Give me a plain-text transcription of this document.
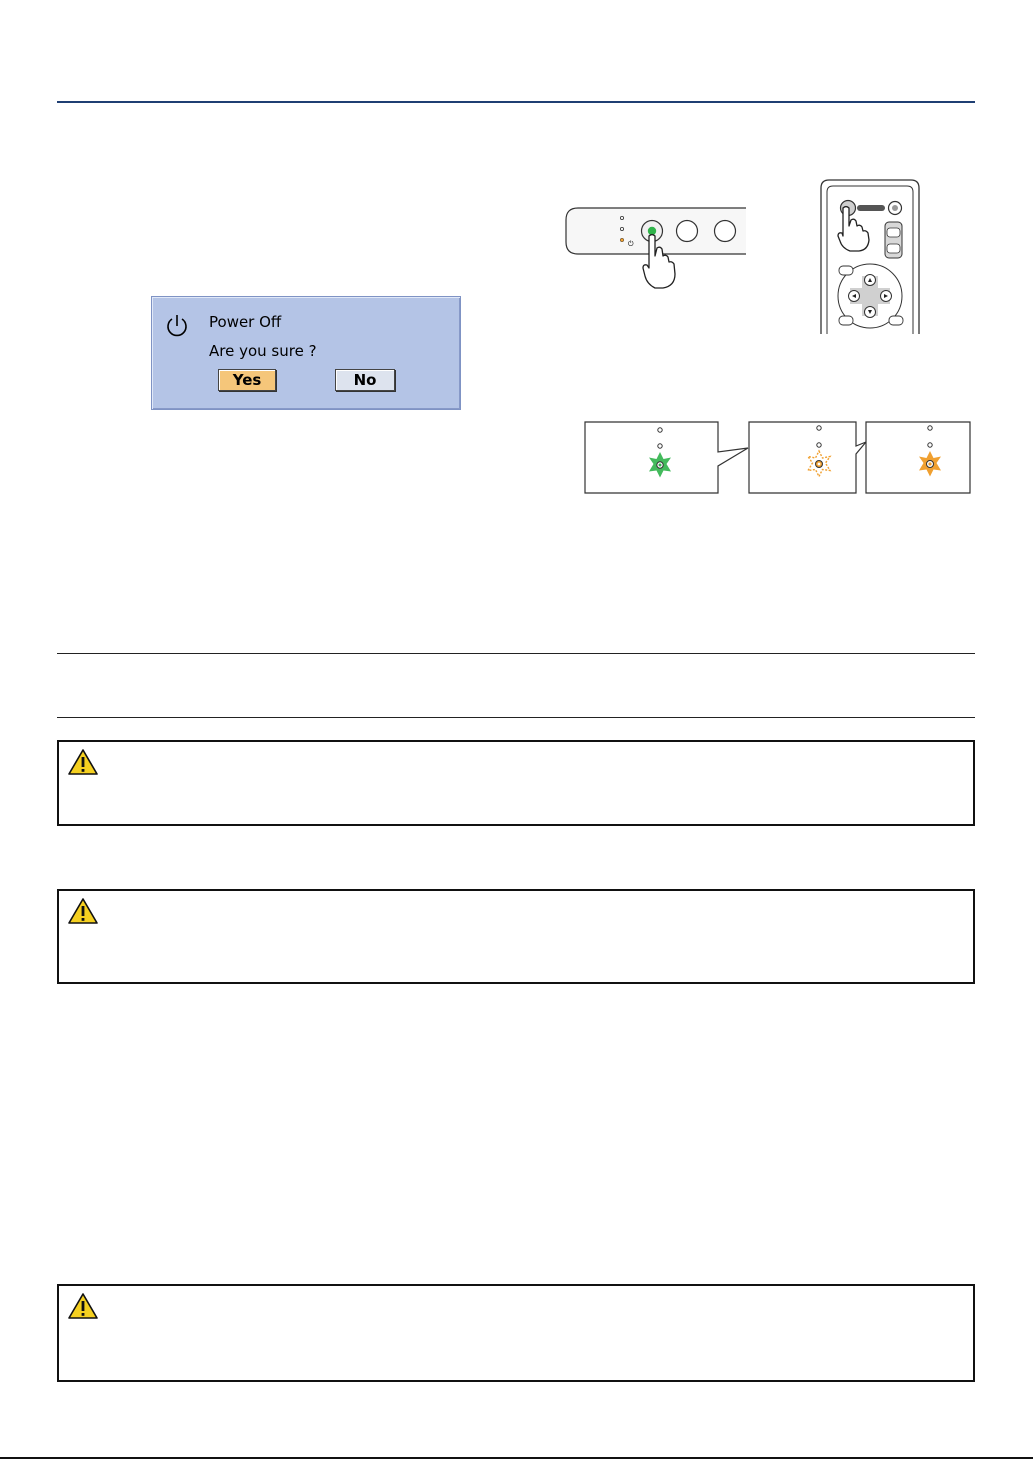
Power Off
Are you sure ?
Yes	No
⏻
